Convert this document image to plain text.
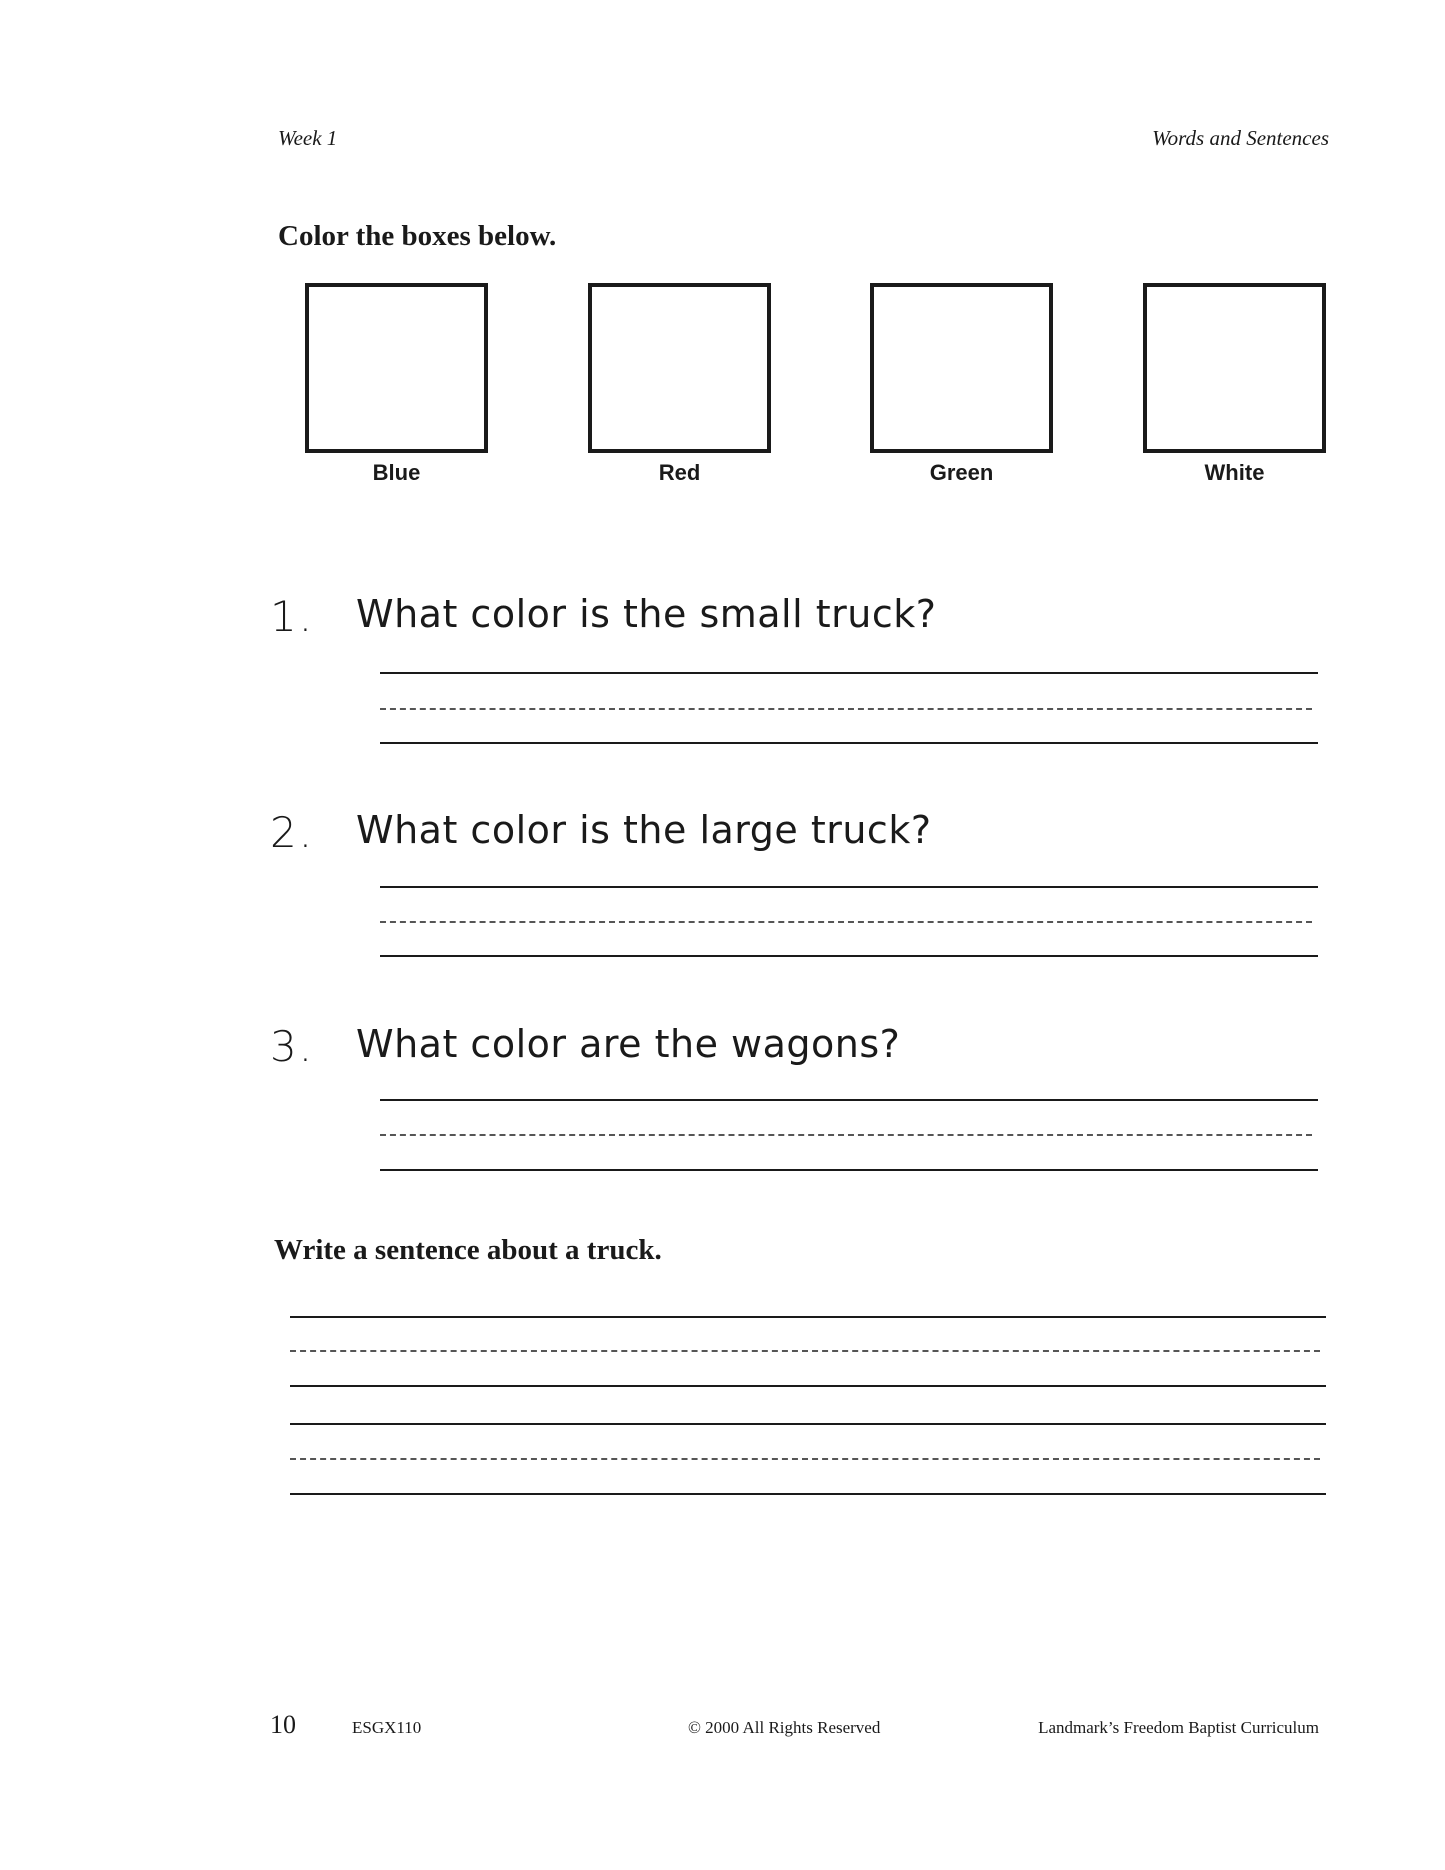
Week 1	Words and Sentences
Color the boxes below.
Blue	Red	Green	White
1. What color is the small truck?
2. What color is the large truck?
3. What color are the wagons?
Write a sentence about a truck.
10	ESGX110	© 2000 All Rights Reserved	Landmark’s Freedom Baptist Curriculum
